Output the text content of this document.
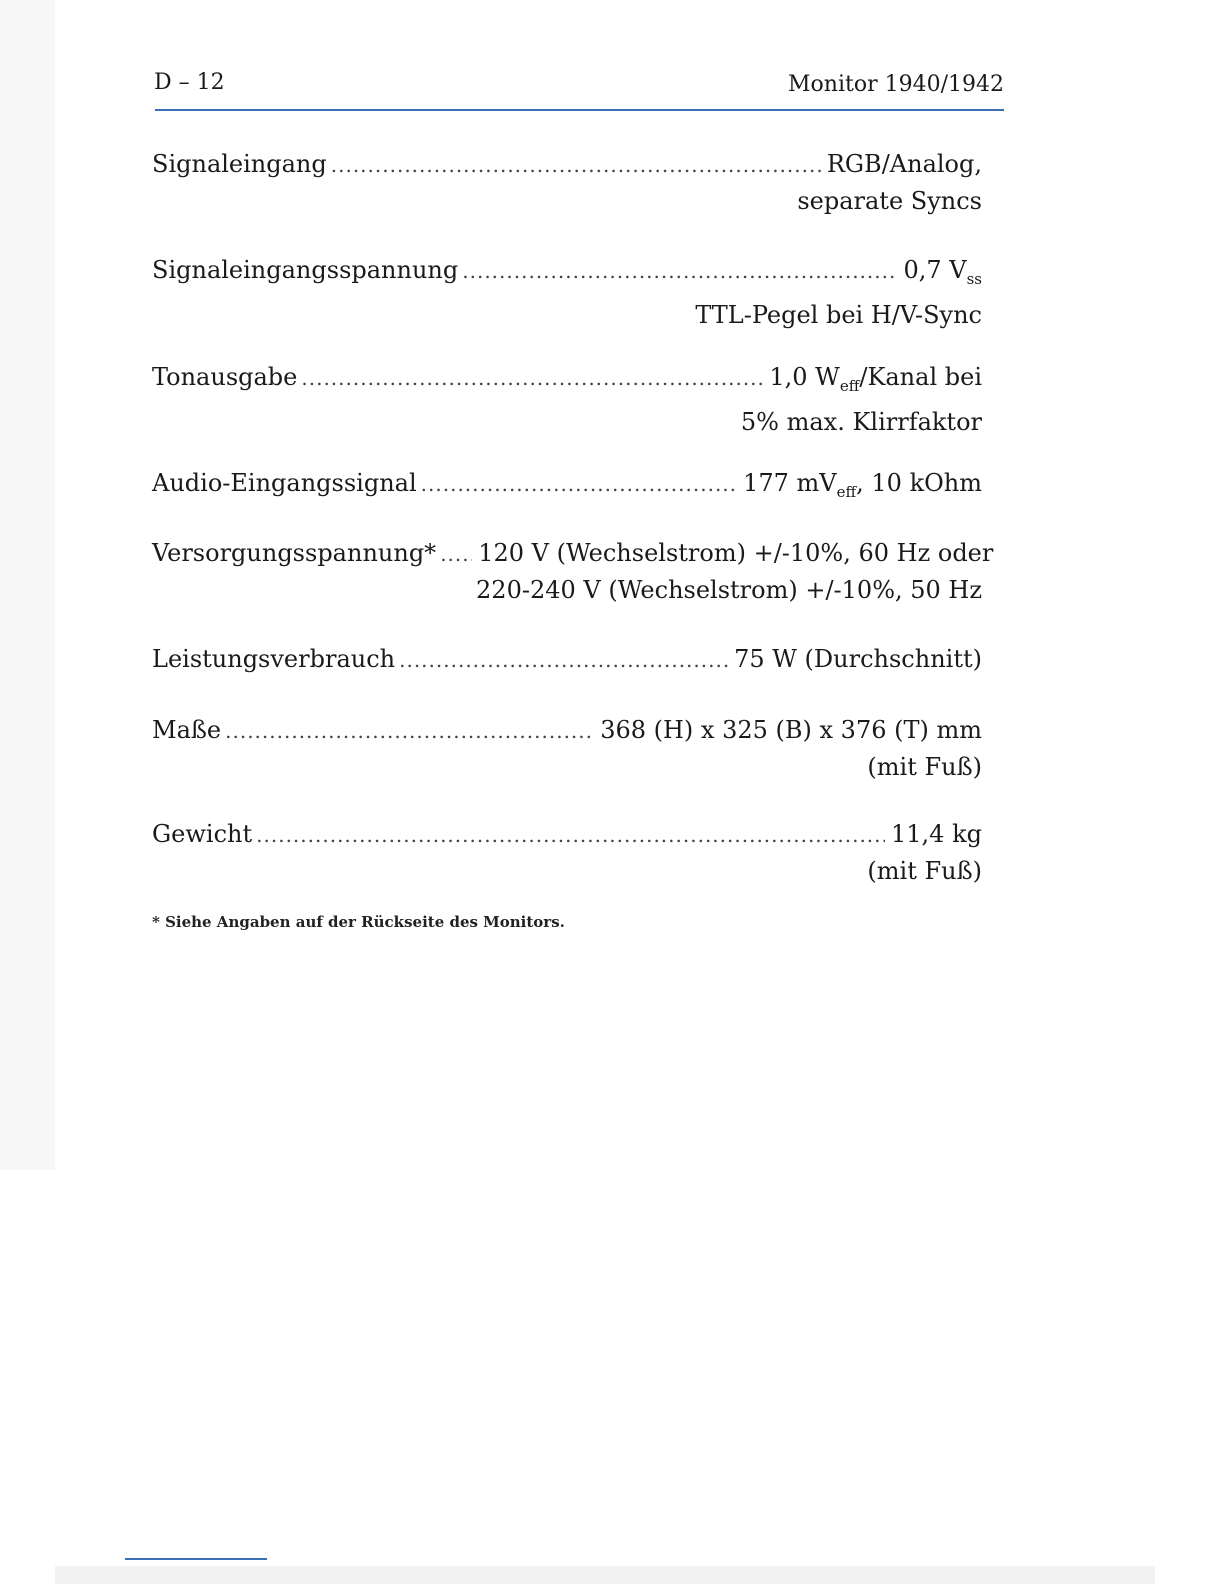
D – 12	Monitor 1940/1942
Signaleingang .....	RGB/Analog,
separate Syncs
Signaleingangsspannung .....	0,7 $V_{ss}$
TTL-Pegel bei H/V-Sync
Tonausgabe .....	1,0 $W_{eff}$/Kanal bei
5% max. Klirrfaktor
Audio-Eingangssignal .....	177 $mV_{eff}$, 10 kOhm
Versorgungsspannung* ..... 120 V (Wechselstrom) +/-10%, 60 Hz oder
220-240 V (Wechselstrom) +/-10%, 50 Hz
Leistungsverbrauch .....	75 W (Durchschnitt)
Maße .....	368 (H) x 325 (B) x 376 (T) mm
(mit Fuß)
Gewicht .....	11,4 kg
(mit Fuß)
* Siehe Angaben auf der Rückseite des Monitors.
